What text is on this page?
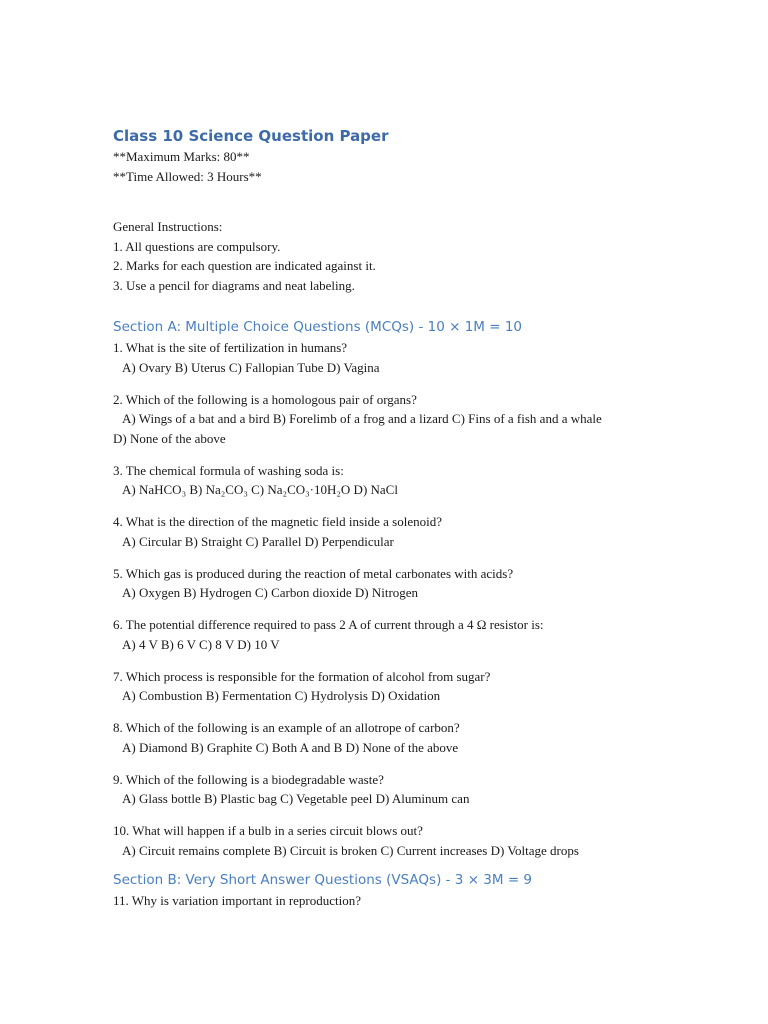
Class 10 Science Question Paper
**Maximum Marks: 80**
**Time Allowed: 3 Hours**
General Instructions:
1. All questions are compulsory.
2. Marks for each question are indicated against it.
3. Use a pencil for diagrams and neat labeling.
Section A: Multiple Choice Questions (MCQs) - 10 × 1M = 10
1. What is the site of fertilization in humans?
A) Ovary B) Uterus C) Fallopian Tube D) Vagina
2. Which of the following is a homologous pair of organs?
A) Wings of a bat and a bird B) Forelimb of a frog and a lizard C) Fins of a fish and a whale
D) None of the above
3. The chemical formula of washing soda is:
A) NaHCO₃ B) Na₂CO₃ C) Na₂CO₃·10H₂O D) NaCl
4. What is the direction of the magnetic field inside a solenoid?
A) Circular B) Straight C) Parallel D) Perpendicular
5. Which gas is produced during the reaction of metal carbonates with acids?
A) Oxygen B) Hydrogen C) Carbon dioxide D) Nitrogen
6. The potential difference required to pass 2 A of current through a 4 Ω resistor is:
A) 4 V B) 6 V C) 8 V D) 10 V
7. Which process is responsible for the formation of alcohol from sugar?
A) Combustion B) Fermentation C) Hydrolysis D) Oxidation
8. Which of the following is an example of an allotrope of carbon?
A) Diamond B) Graphite C) Both A and B D) None of the above
9. Which of the following is a biodegradable waste?
A) Glass bottle B) Plastic bag C) Vegetable peel D) Aluminum can
10. What will happen if a bulb in a series circuit blows out?
A) Circuit remains complete B) Circuit is broken C) Current increases D) Voltage drops
Section B: Very Short Answer Questions (VSAQs) - 3 × 3M = 9
11. Why is variation important in reproduction?
